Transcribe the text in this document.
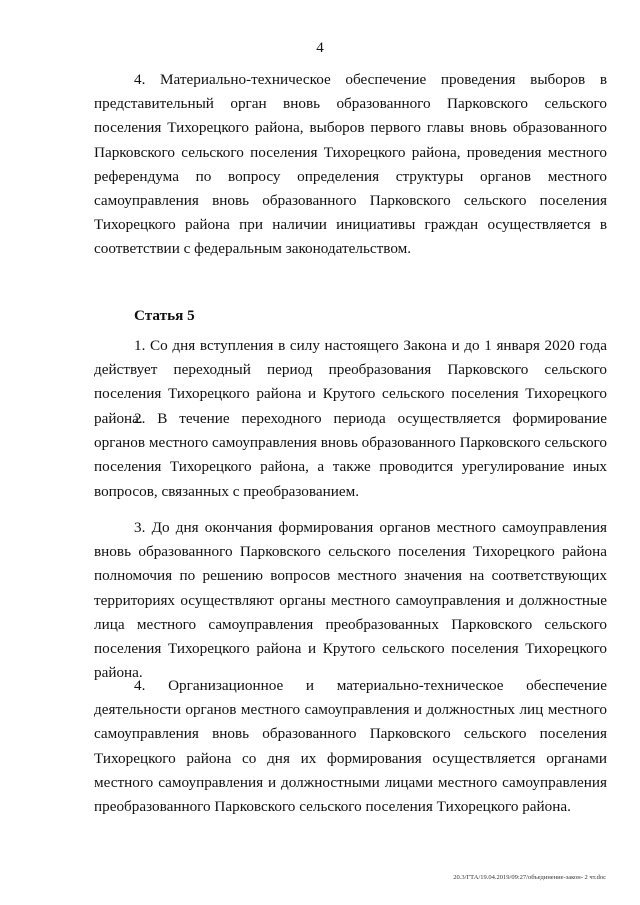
4

4. Материально-техническое обеспечение проведения выборов в представительный орган вновь образованного Парковского сельского поселения Тихорецкого района, выборов первого главы вновь образованного Парковского сельского поселения Тихорецкого района, проведения местного референдума по вопросу определения структуры органов местного самоуправления вновь образованного Парковского сельского поселения Тихорецкого района при наличии инициативы граждан осуществляется в соответствии с федеральным законодательством.

Статья 5

1. Со дня вступления в силу настоящего Закона и до 1 января 2020 года действует переходный период преобразования Парковского сельского поселения Тихорецкого района и Крутого сельского поселения Тихорецкого района.

2. В течение переходного периода осуществляется формирование органов местного самоуправления вновь образованного Парковского сельского поселения Тихорецкого района, а также проводится урегулирование иных вопросов, связанных с преобразованием.

3. До дня окончания формирования органов местного самоуправления вновь образованного Парковского сельского поселения Тихорецкого района полномочия по решению вопросов местного значения на соответствующих территориях осуществляют органы местного самоуправления и должностные лица местного самоуправления преобразованных Парковского сельского поселения Тихорецкого района и Крутого сельского поселения Тихорецкого района.

4. Организационное и материально-техническое обеспечение деятельности органов местного самоуправления и должностных лиц местного самоуправления вновь образованного Парковского сельского поселения Тихорецкого района со дня их формирования осуществляется органами местного самоуправления и должностными лицами местного самоуправления преобразованного Парковского сельского поселения Тихорецкого района.

20.3/ГТА/19.04.2019/09:27/объединение-закон- 2 чт.doc
